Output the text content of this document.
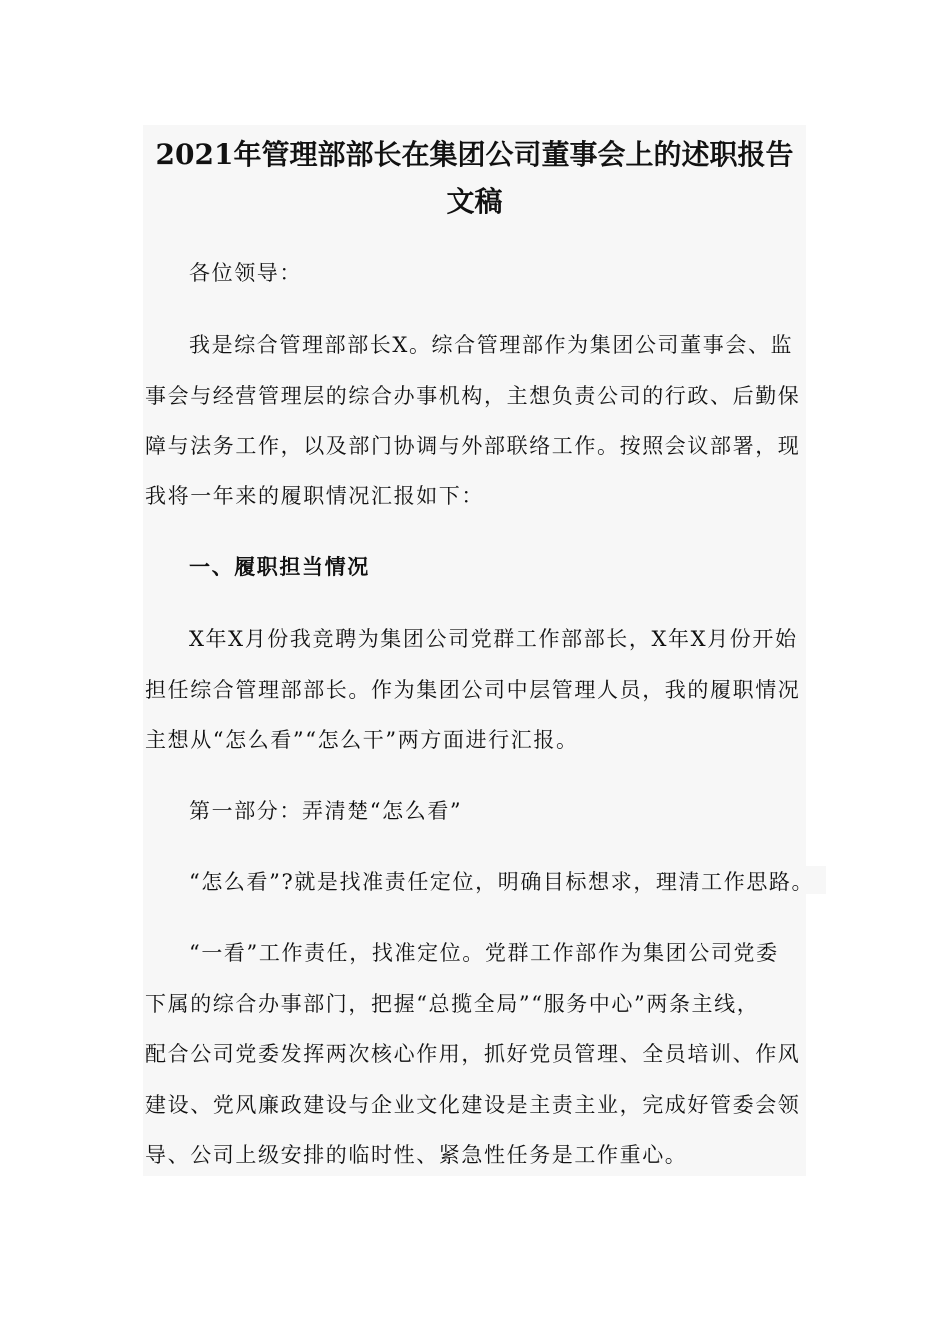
2021年管理部部长在集团公司董事会上的述职报告
文稿

各位领导：

我是综合管理部部长X。综合管理部作为集团公司董事会、监

事会与经营管理层的综合办事机构，主想负责公司的行政、后勤保

障与法务工作，以及部门协调与外部联络工作。按照会议部署，现

我将一年来的履职情况汇报如下：

一、履职担当情况

X年X月份我竞聘为集团公司党群工作部部长，X年X月份开始

担任综合管理部部长。作为集团公司中层管理人员，我的履职情况

主想从“怎么看”“怎么干”两方面进行汇报。

第一部分：弄清楚“怎么看”

“怎么看”?就是找准责任定位，明确目标想求，理清工作思路。

“一看”工作责任，找准定位。党群工作部作为集团公司党委

下属的综合办事部门，把握“总揽全局”“服务中心”两条主线，

配合公司党委发挥两次核心作用，抓好党员管理、全员培训、作风

建设、党风廉政建设与企业文化建设是主责主业，完成好管委会领

导、公司上级安排的临时性、紧急性任务是工作重心。
